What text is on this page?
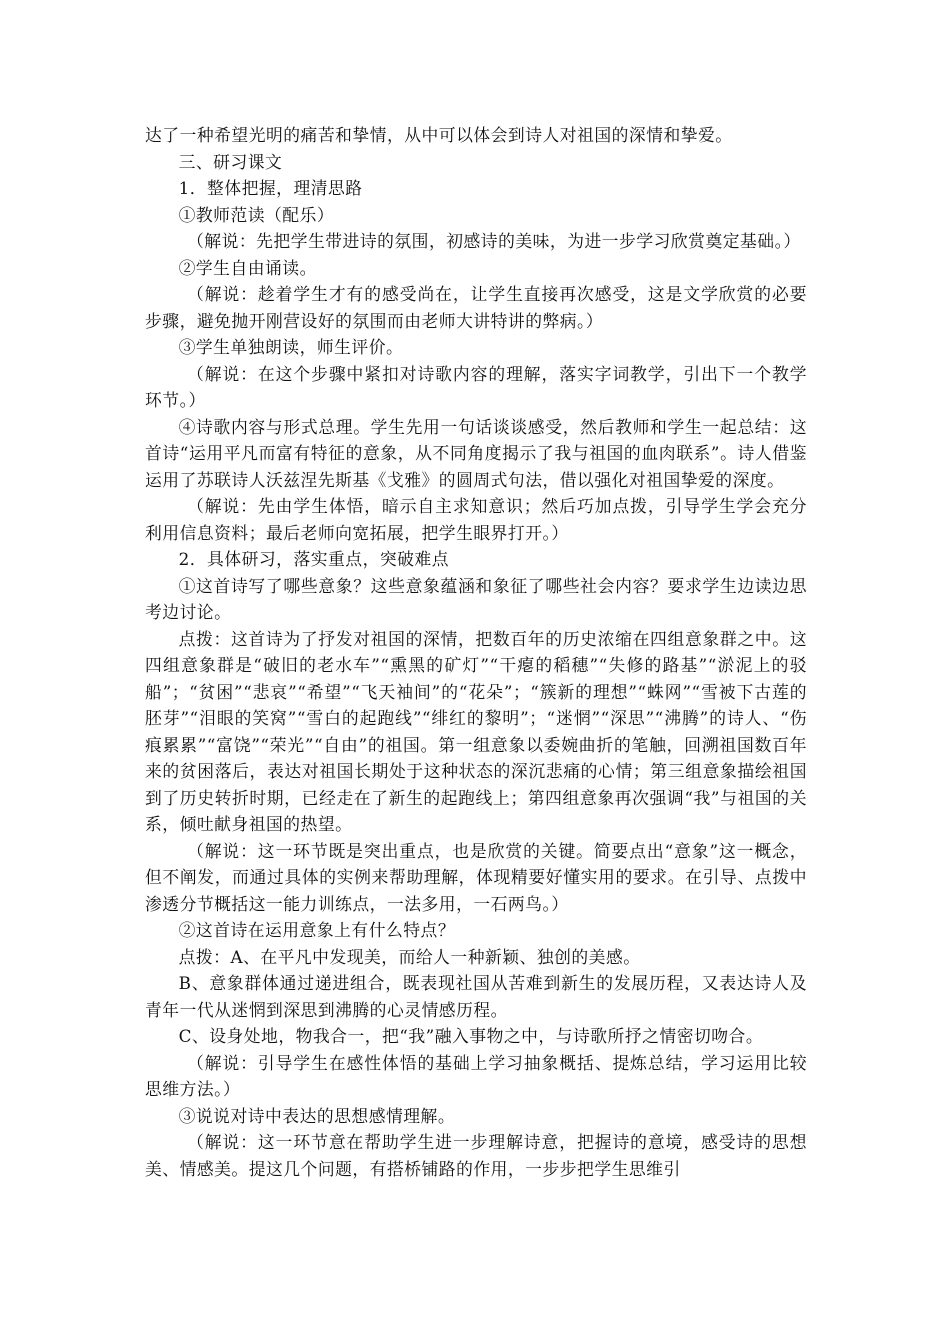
达了一种希望光明的痛苦和挚情，从中可以体会到诗人对祖国的深情和挚爱。

三、研习课文

1．整体把握，理清思路

①教师范读（配乐）

（解说：先把学生带进诗的氛围，初感诗的美味，为进一步学习欣赏奠定基础。）

②学生自由诵读。

（解说：趁着学生才有的感受尚在，让学生直接再次感受，这是文学欣赏的必要步骤，避免抛开刚营设好的氛围而由老师大讲特讲的弊病。）

③学生单独朗读，师生评价。

（解说：在这个步骤中紧扣对诗歌内容的理解，落实字词教学，引出下一个教学环节。）

④诗歌内容与形式总理。学生先用一句话谈谈感受，然后教师和学生一起总结：这首诗“运用平凡而富有特征的意象，从不同角度揭示了我与祖国的血肉联系”。诗人借鉴运用了苏联诗人沃兹涅先斯基《戈雅》的圆周式句法，借以强化对祖国挚爱的深度。

（解说：先由学生体悟，暗示自主求知意识；然后巧加点拨，引导学生学会充分利用信息资料；最后老师向宽拓展，把学生眼界打开。）

2．具体研习，落实重点，突破难点

①这首诗写了哪些意象？这些意象蕴涵和象征了哪些社会内容？要求学生边读边思考边讨论。

点拨：这首诗为了抒发对祖国的深情，把数百年的历史浓缩在四组意象群之中。这四组意象群是“破旧的老水车”“熏黑的矿灯”“干瘪的稻穗”“失修的路基”“淤泥上的驳船”；“贫困”“悲哀”“希望”“飞天袖间”的“花朵”；“簇新的理想”“蛛网”“雪被下古莲的胚芽”“泪眼的笑窝”“雪白的起跑线”“绯红的黎明”；“迷惘”“深思”“沸腾”的诗人、“伤痕累累”“富饶”“荣光”“自由”的祖国。第一组意象以委婉曲折的笔触，回溯祖国数百年来的贫困落后，表达对祖国长期处于这种状态的深沉悲痛的心情；第三组意象描绘祖国到了历史转折时期，已经走在了新生的起跑线上；第四组意象再次强调“我”与祖国的关系，倾吐献身祖国的热望。

（解说：这一环节既是突出重点，也是欣赏的关键。简要点出“意象”这一概念，但不阐发，而通过具体的实例来帮助理解，体现精要好懂实用的要求。在引导、点拨中渗透分节概括这一能力训练点，一法多用，一石两鸟。）

②这首诗在运用意象上有什么特点？

点拨：A、在平凡中发现美，而给人一种新颖、独创的美感。

B、意象群体通过递进组合，既表现社国从苦难到新生的发展历程，又表达诗人及青年一代从迷惘到深思到沸腾的心灵情感历程。

C、设身处地，物我合一，把“我”融入事物之中，与诗歌所抒之情密切吻合。

（解说：引导学生在感性体悟的基础上学习抽象概括、提炼总结，学习运用比较思维方法。）

③说说对诗中表达的思想感情理解。

（解说：这一环节意在帮助学生进一步理解诗意，把握诗的意境，感受诗的思想美、情感美。提这几个问题，有搭桥铺路的作用，一步步把学生思维引
